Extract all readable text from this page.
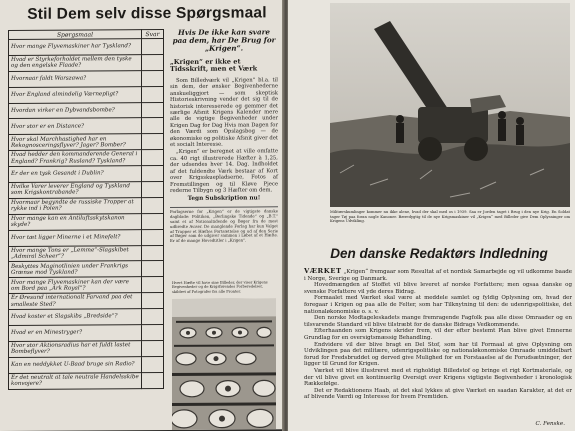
Stil Dem selv disse Spørgsmaal
Spørgsmaal	Svar
Hvor mange Flyvemaskiner har Tyskland?	
Hvad er Styrkeforholdet mellem den tyske og den engelske Flaade?	
Hvornaar faldt Warszawa?	
Hvor England almindelig Værnepligt?	
Hvordan virker en Dybvandsbombe?	
Hvor stor er en Distance?	
Hvor skal Marchhastighed har en Rekognosceringsflyver? Jager? Bomber?	
Hvad hedder den kommanderende General i England? Frankrig? Rusland? Tyskland?	
Er der en tysk Gesandt i Dublin?	
Hvilke Varer leverer England og Tyskland som Krigskontrabande?	
Hvormaar begyndte de russiske Tropper at rykke ind i Polen?	
Hvor mange kan en Antiluftsskytskanon skyde?	
Hvor tæt ligger Minerne i et Minefelt?	
Hvor mange Tons er „Lemme“-Slagskibet „Admiral Scheer“?	
Beskyttes Maginotlinien under Frankrigs Grænse mod Tyskland?	
Hvor mange Flyvemaskiner kan der være om Bord paa „Ark Royal“?	
Er Øresund internationalt Farvand paa det smalleste Sted?	
Hvad koster et Slagskibs „Bredside“?	
Hvad er en Minestryger?	
Hvor stor Aktionsradius har et fuldt lastet Bombeflyver?	
Kan en neddykket U-Baad bruge sin Radio?	
Er det neutralt at tale neutrale Handelsskibe konvojere?	
Hvis De ikke kan svare paa dem, har De Brug for „Krigen“.
„Krigen“ er ikke et Tidsskrift, men et Værk

Som Billedværk vil „Krigen“ bl.a. til sin dem, der ønsker Begivenhederne anskueliggjort — som skeptisk Historieskrivning vender det sig til de historisk interesserede og gemmer det særlige Afsnit Krigens Kalender mere alle de vigtige Begivenheder under Krigen Dag for Dag Hvis man Dagen for den Værdi som Opslagsbog — de økonomiske og politiske Afsnit giver det et socialt Interesse.

„Krigen“ er beregnet at ville omfatte ca. 40 rigt illustrerede Hæfter à 1,25, der udsendes hver 14. Dag. Indholdet af det fuldendte Værk bestaar af Kort over Krigsskuepladserne, Fotos af Fremstillingen og til Kløve Pjece rederne Tilbygn og 3 Hæfter om dem.

Tegn Subskription nu!
Forlagserne for „Krigen“ er de vigtigste danske dagblade: Politiken, „Berlingske Tidende“ og „B.T.“ samt et af Nationaltidende og Bøger fra de mest udbredte Aviser. De manglende Forlag har kun Valget af Trapper et Hæftes Fortsættelse og ud af den Serie af Bøger som de udgiver sammen i Løbet af et Hæfte. Er af de mange Hovedtitler i „Krigen“.
Hvert Hæfte vil have sine Billeder, der viser Krigens Begivenheder og de Krigsførendes Forberedelser, skildret af Fotografer fra alle Fronter.
Militærskumlinger kommer nu ikke alene, hvad der skal med os i 1939. Saa er Jorden taget i Brug i den nye Krig. En Soldat tager Tøj paa foran nogle Kanoner. Bæredygtig til de nye Krigsmaskiner vil „Krigen“ med Billeder give Dem Oplysninger om Krigens Udvikling.
Den danske Redaktørs Indledning

VÆRKET „Krigen“ fremgaar som Resultat af et nordisk Samarbejde og vil udkomme baade i Norge, Sverige og Danmark.

Hovedmængden af Stoffet vil blive leveret af norske Forfattere; men ogsaa danske og svenske Forfattere vil yde deres Bidrag.

Formaalet med Værket skal være at meddele samlet og fyldig Oplysning om, hvad der foregaar i Krigen og paa alle de Felter, som har Tilknytning til den: de udenrigspolitiske, det nationaløkonomiske o. s. v.

Den norske Modtageleskadets mange fremragende Fagfolk paa alle disse Omraader og en tilsvarende Standard vil blive tilstræbt for de danske Bidrags Vedkommende.

Efterhaanden som Krigens skrider frem, vil der efter bestemt Plan blive givet Emnerne Grundlag for en oversigtsmæssig Behandling.

Endvidere vil der blive bragt en Del Stof, som har til Formaal at give Oplysning om Udviklingen paa det militære, udenrigspolitiske og nationaløkonomiske Omraade umiddelbart forud for Fredsbruddet og derved give Mulighed for en Forstaaelse af de Forudsætninger, der ligger til Grund for Krigen.

Værket vil blive illustreret med et righoldigt Billedstof og bringe et rigt Kortmateriale, og der vil blive givet en kontinuerlig Oversigt over Krigens vigtigste Begivenheder i kronologisk Rækkefølge.

Det er Redaktionens Haab, at det skal lykkes at give Værket en saadan Karakter, at det er af blivende Værdi og Interesse for hvem Fremtiden.

C. Fenske.
